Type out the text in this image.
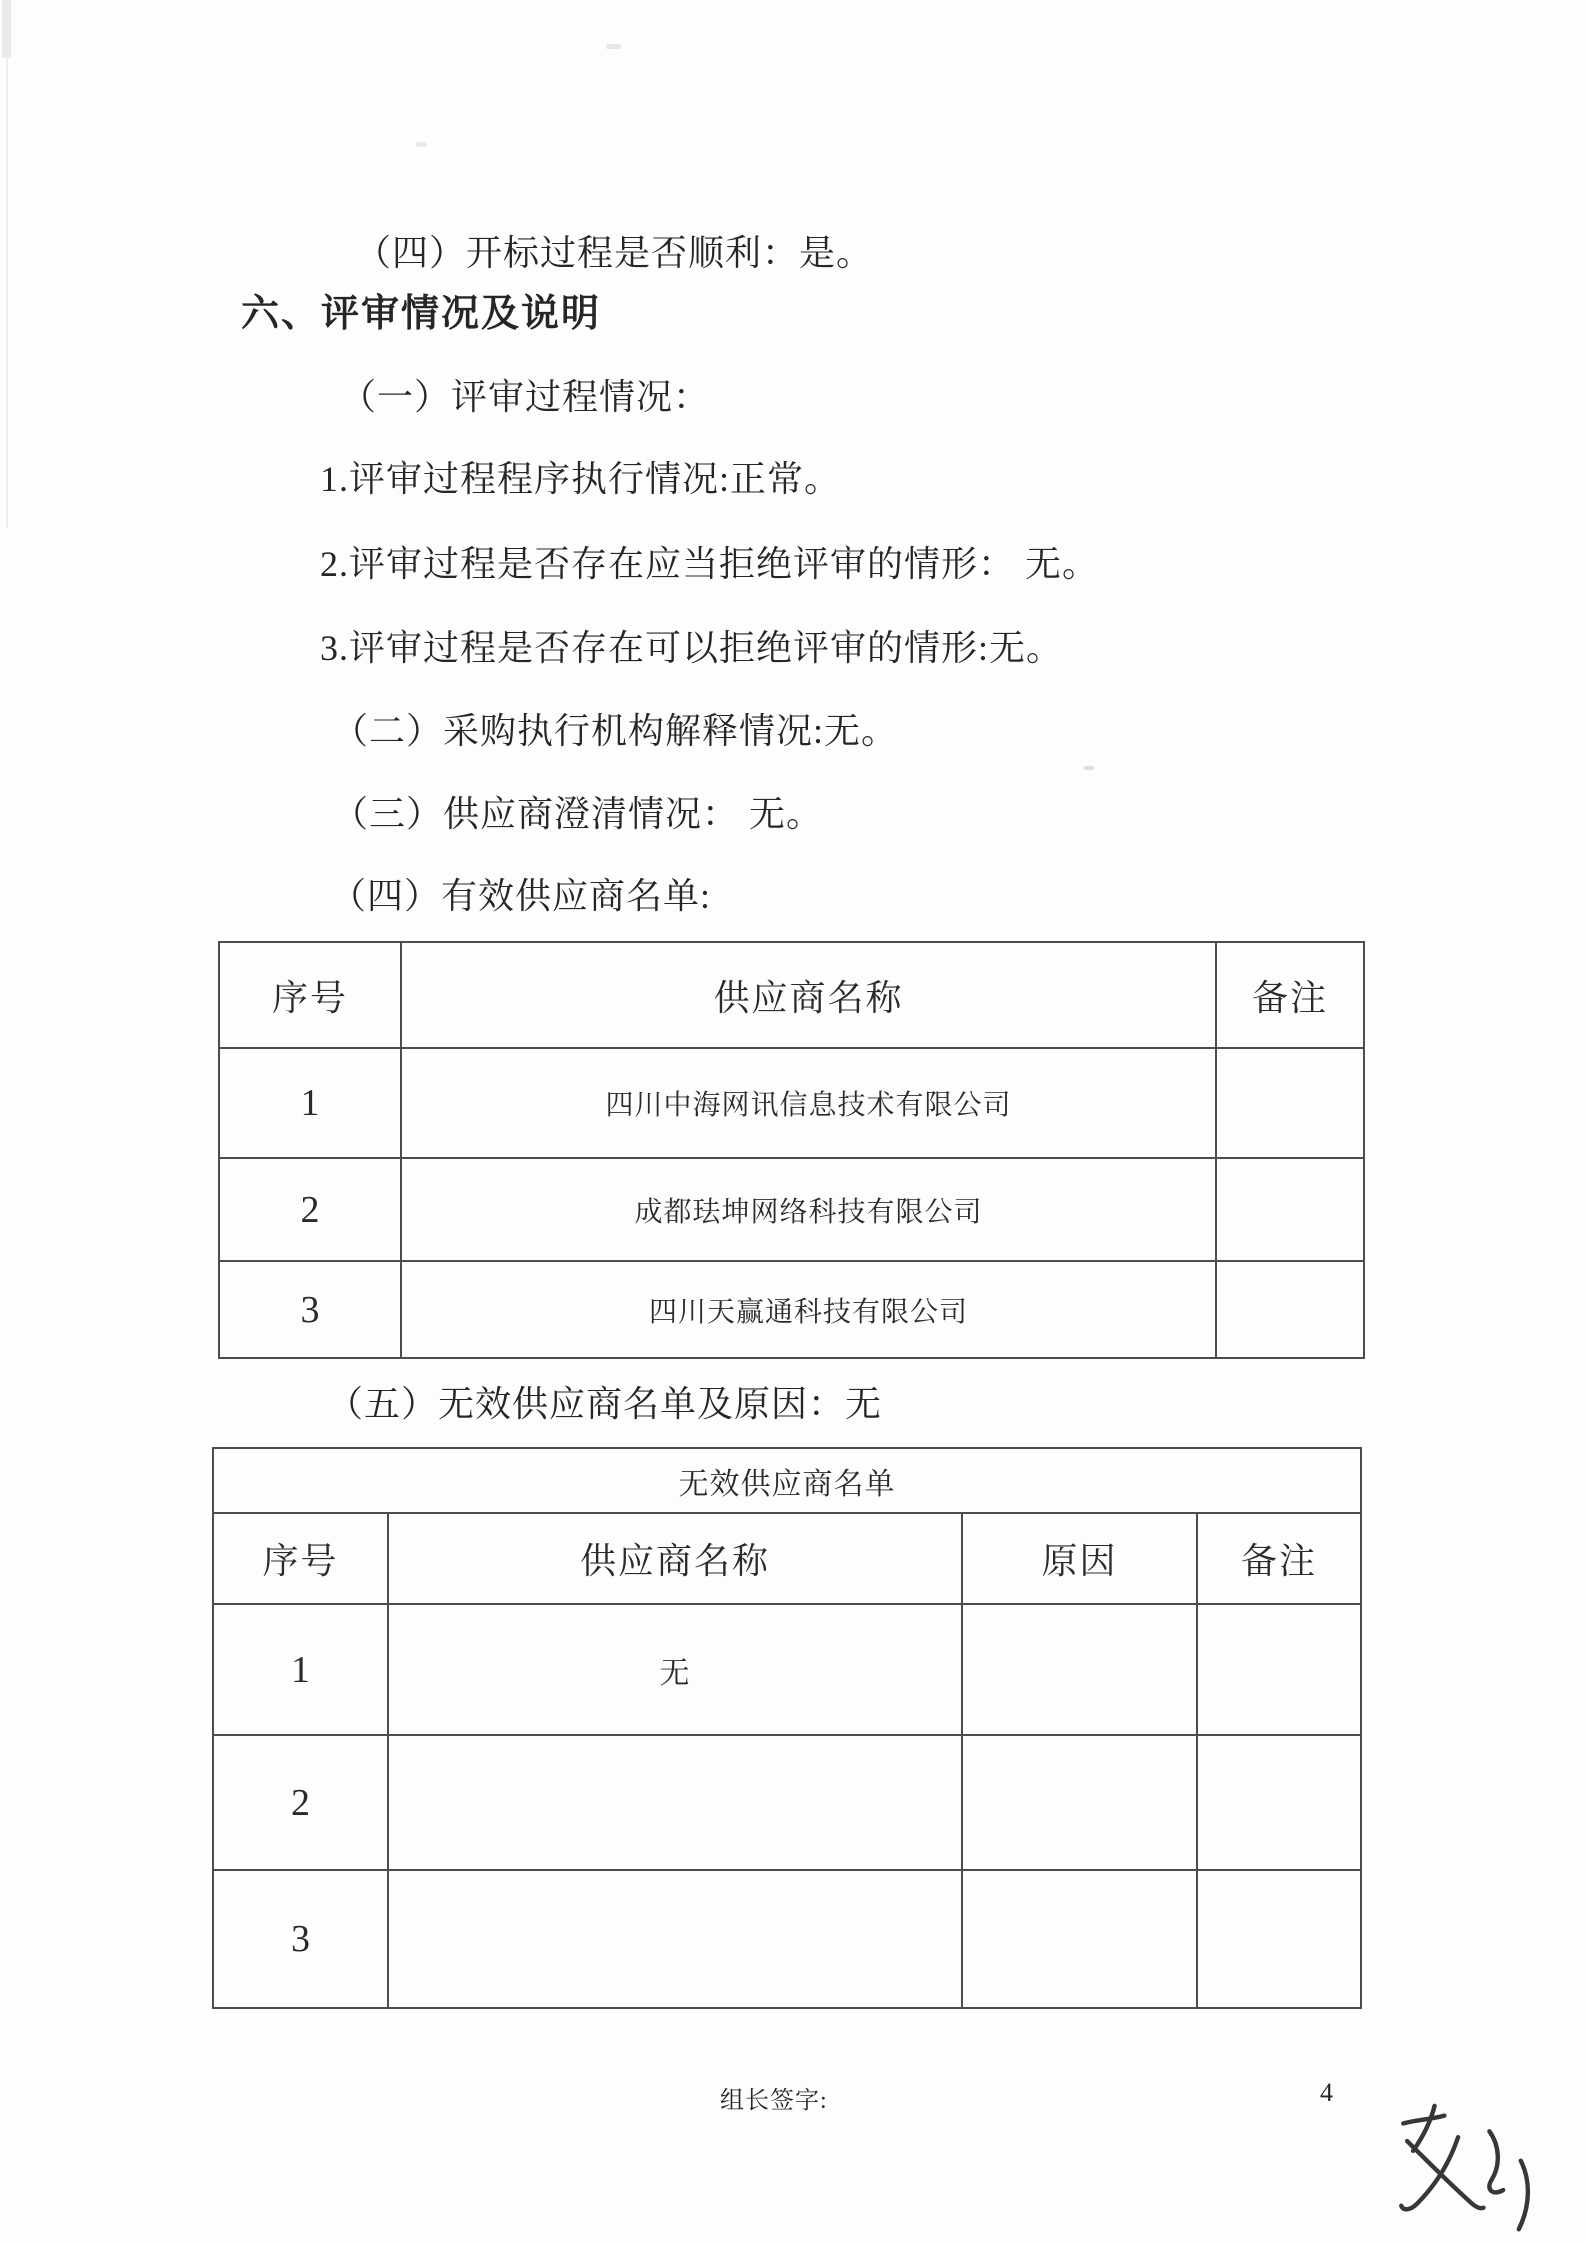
（四）开标过程是否顺利：是。
六、评审情况及说明
（一）评审过程情况：
1.评审过程程序执行情况:正常。
2.评审过程是否存在应当拒绝评审的情形： 无。
3.评审过程是否存在可以拒绝评审的情形:无。
（二）采购执行机构解释情况:无。
（三）供应商澄清情况： 无。
（四）有效供应商名单:
（五）无效供应商名单及原因：无
序号	供应商名称	备注
1	四川中海网讯信息技术有限公司	
2	成都珐坤网络科技有限公司	
3	四川天赢通科技有限公司	
无效供应商名单			
序号	供应商名称	原因	备注
1	无		
2			
3			
组长签字:	4
